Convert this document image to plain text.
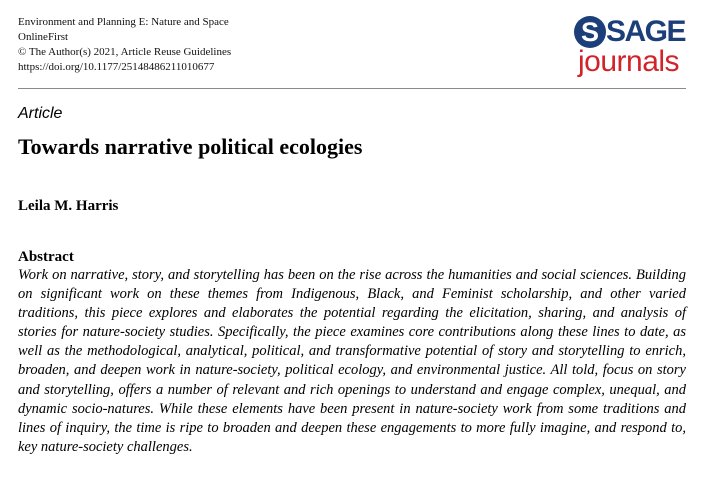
Environment and Planning E: Nature and Space
OnlineFirst
© The Author(s) 2021, Article Reuse Guidelines
https://doi.org/10.1177/25148486211010677
S SAGE
journals
Article
Towards narrative political ecologies
Leila M. Harris
Abstract
Work on narrative, story, and storytelling has been on the rise across the humanities and social sciences. Building on significant work on these themes from Indigenous, Black, and Feminist scholarship, and other varied traditions, this piece explores and elaborates the potential regarding the elicitation, sharing, and analysis of stories for nature-society studies. Specifically, the piece examines core contributions along these lines to date, as well as the methodological, analytical, political, and transformative potential of story and storytelling to enrich, broaden, and deepen work in nature-society, political ecology, and environmental justice. All told, focus on story and storytelling, offers a number of relevant and rich openings to understand and engage complex, unequal, and dynamic socio-natures. While these elements have been present in nature-society work from some traditions and lines of inquiry, the time is ripe to broaden and deepen these engagements to more fully imagine, and respond to, key nature-society challenges.
